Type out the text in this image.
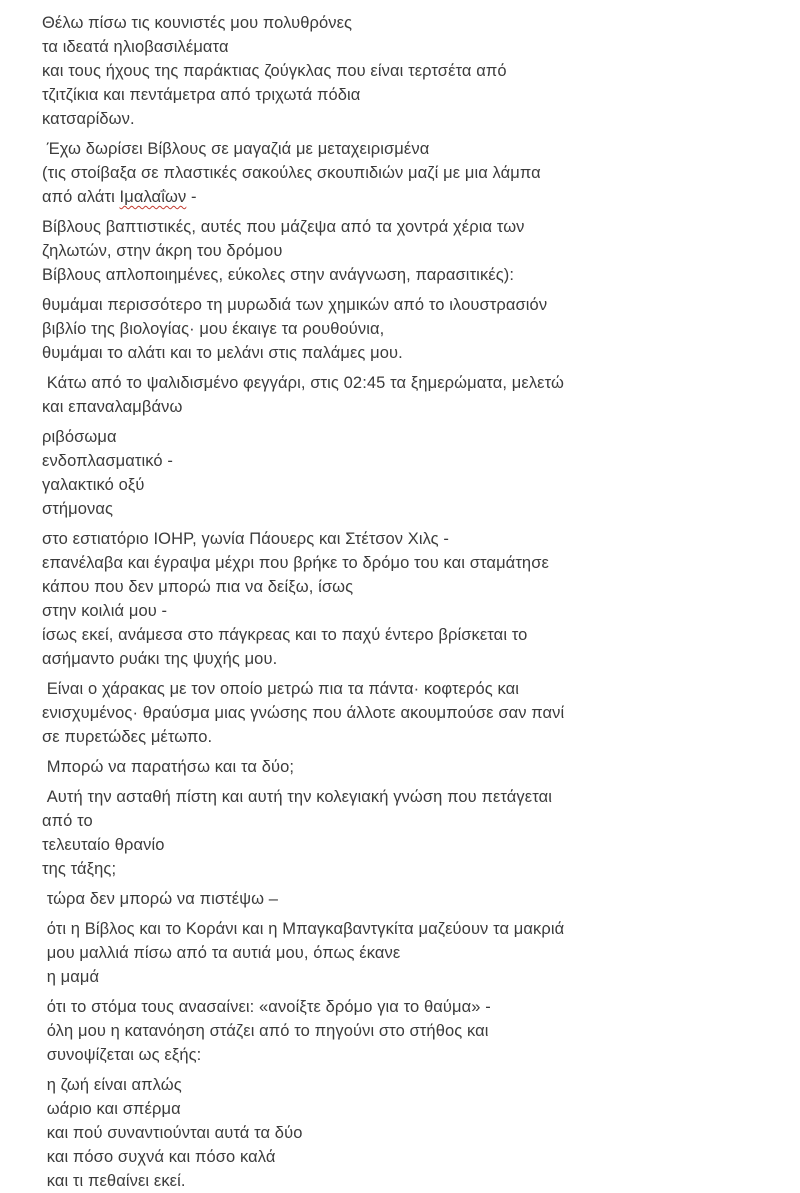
Θέλω πίσω τις κουνιστές μου πολυθρόνες
τα ιδεατά ηλιοβασιλέματα
και τους ήχους της παράκτιας ζούγκλας που είναι τερτσέτα από
τζιτζίκια και πεντάμετρα από τριχωτά πόδια
κατσαρίδων.

Έχω δωρίσει Βίβλους σε μαγαζιά με μεταχειρισμένα
(τις στοίβαξα σε πλαστικές σακούλες σκουπιδιών μαζί με μια λάμπα
από αλάτι Ιμαλαΐων -

Βίβλους βαπτιστικές, αυτές που μάζεψα από τα χοντρά χέρια των
ζηλωτών, στην άκρη του δρόμου
Βίβλους απλοποιημένες, εύκολες στην ανάγνωση, παρασιτικές):

θυμάμαι περισσότερο τη μυρωδιά των χημικών από το ιλουστρασιόν
βιβλίο της βιολογίας· μου έκαιγε τα ρουθούνια,
θυμάμαι το αλάτι και το μελάνι στις παλάμες μου.

Κάτω από το ψαλιδισμένο φεγγάρι, στις 02:45 τα ξημερώματα, μελετώ
και επαναλαμβάνω

ριβόσωμα
ενδοπλασματικό -
γαλακτικό οξύ
στήμονας

στο εστιατόριο ΙΟΗΡ, γωνία Πάουερς και Στέτσον Χιλς -
επανέλαβα και έγραψα μέχρι που βρήκε το δρόμο του και σταμάτησε
κάπου που δεν μπορώ πια να δείξω, ίσως
στην κοιλιά μου -
ίσως εκεί, ανάμεσα στο πάγκρεας και το παχύ έντερο βρίσκεται το
ασήμαντο ρυάκι της ψυχής μου.

Είναι ο χάρακας με τον οποίο μετρώ πια τα πάντα· κοφτερός και
ενισχυμένος· θραύσμα μιας γνώσης που άλλοτε ακουμπούσε σαν πανί
σε πυρετώδες μέτωπο.

Μπορώ να παρατήσω και τα δύο;

Αυτή την ασταθή πίστη και αυτή την κολεγιακή γνώση που πετάγεται
από το
τελευταίο θρανίο
της τάξης;

τώρα δεν μπορώ να πιστέψω –

ότι η Βίβλος και το Κοράνι και η Μπαγκαβαντγκίτα μαζεύουν τα μακριά
μου μαλλιά πίσω από τα αυτιά μου, όπως έκανε
η μαμά

ότι το στόμα τους ανασαίνει: «ανοίξτε δρόμο για το θαύμα» -
όλη μου η κατανόηση στάζει από το πηγούνι στο στήθος και
συνοψίζεται ως εξής:

η ζωή είναι απλώς
ωάριο και σπέρμα
και πού συναντιούνται αυτά τα δύο
και πόσο συχνά και πόσο καλά
και τι πεθαίνει εκεί.
